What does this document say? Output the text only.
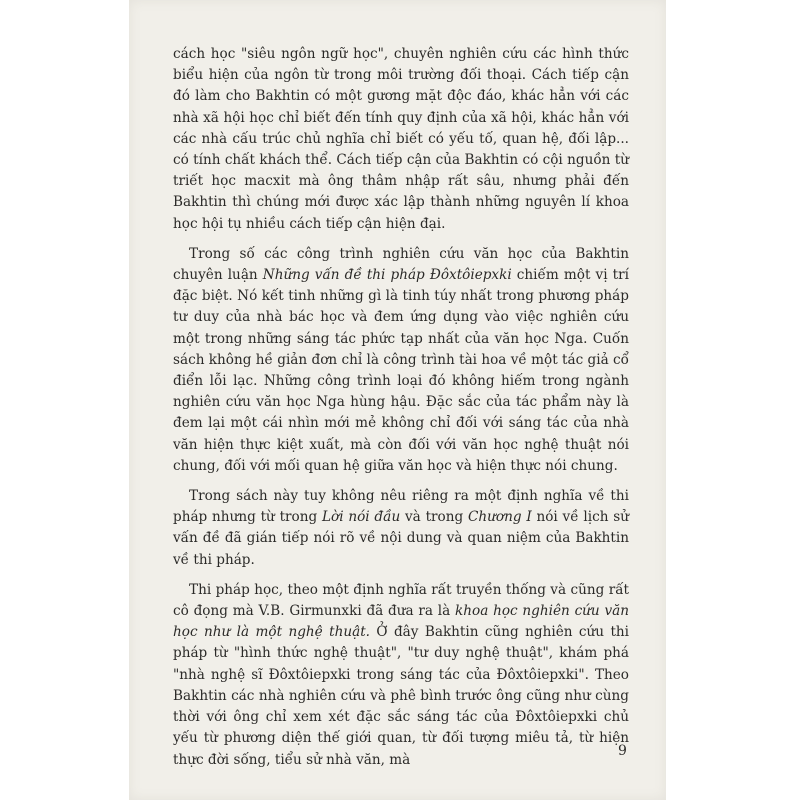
cách học "siêu ngôn ngữ học", chuyên nghiên cứu các hình thức biểu hiện của ngôn từ trong môi trường đối thoại. Cách tiếp cận đó làm cho Bakhtin có một gương mặt độc đáo, khác hẳn với các nhà xã hội học chỉ biết đến tính quy định của xã hội, khác hẳn với các nhà cấu trúc chủ nghĩa chỉ biết có yếu tố, quan hệ, đối lập... có tính chất khách thể. Cách tiếp cận của Bakhtin có cội nguồn từ triết học macxit mà ông thâm nhập rất sâu, nhưng phải đến Bakhtin thì chúng mới được xác lập thành những nguyên lí khoa học hội tụ nhiều cách tiếp cận hiện đại.

Trong số các công trình nghiên cứu văn học của Bakhtin chuyên luận Những vấn đề thi pháp Đôxtôiepxki chiếm một vị trí đặc biệt. Nó kết tinh những gì là tinh túy nhất trong phương pháp tư duy của nhà bác học và đem ứng dụng vào việc nghiên cứu một trong những sáng tác phức tạp nhất của văn học Nga. Cuốn sách không hề giản đơn chỉ là công trình tài hoa về một tác giả cổ điển lỗi lạc. Những công trình loại đó không hiếm trong ngành nghiên cứu văn học Nga hùng hậu. Đặc sắc của tác phẩm này là đem lại một cái nhìn mới mẻ không chỉ đối với sáng tác của nhà văn hiện thực kiệt xuất, mà còn đối với văn học nghệ thuật nói chung, đối với mối quan hệ giữa văn học và hiện thực nói chung.

Trong sách này tuy không nêu riêng ra một định nghĩa về thi pháp nhưng từ trong Lời nói đầu và trong Chương I nói về lịch sử vấn đề đã gián tiếp nói rõ về nội dung và quan niệm của Bakhtin về thi pháp.

Thi pháp học, theo một định nghĩa rất truyền thống và cũng rất cô đọng mà V.B. Girmunxki đã đưa ra là khoa học nghiên cứu văn học như là một nghệ thuật. Ở đây Bakhtin cũng nghiên cứu thi pháp từ "hình thức nghệ thuật", "tư duy nghệ thuật", khám phá "nhà nghệ sĩ Đôxtôiepxki trong sáng tác của Đôxtôiepxki". Theo Bakhtin các nhà nghiên cứu và phê bình trước ông cũng như cùng thời với ông chỉ xem xét đặc sắc sáng tác của Đôxtôiepxki chủ yếu từ phương diện thế giới quan, từ đối tượng miêu tả, từ hiện thực đời sống, tiểu sử nhà văn, mà

9
